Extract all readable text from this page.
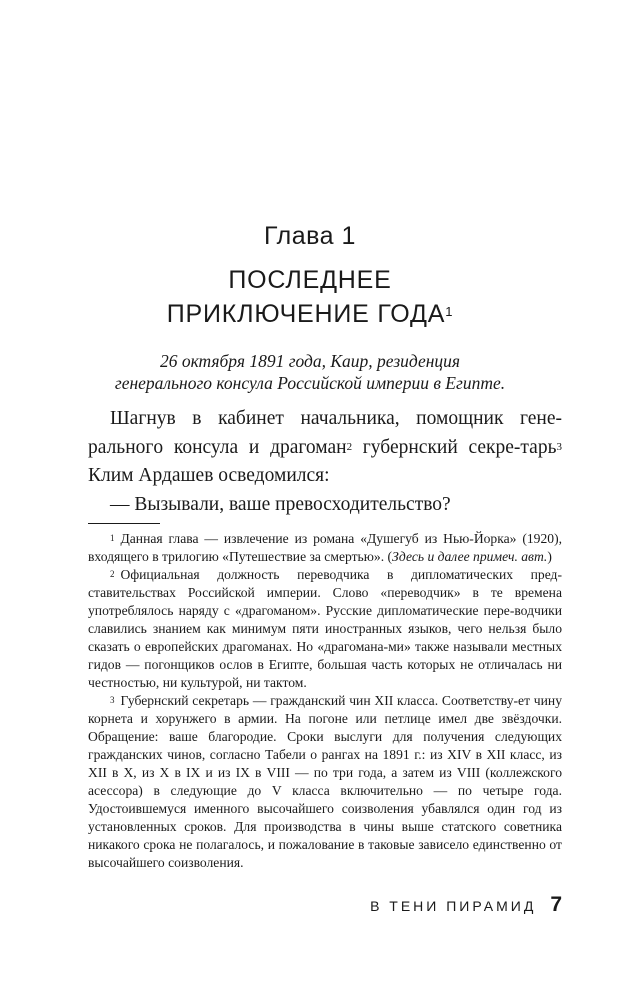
Глава 1
ПОСЛЕДНЕЕ
ПРИКЛЮЧЕНИЕ ГОДА$^1$
26 октября 1891 года, Каир, резиденция
генерального консула Российской империи в Египте.

Шагнув в кабинет начальника, помощник гене-ральногo консула и драгоман$^2$ губернский секре-тарь$^3$ Клим Ардашев осведомился:

— Вызывали, ваше превосходительство?

$^1$ Данная глава — извлечение из романа «Душегуб из Нью-Йорка» (1920), входящего в трилогию «Путешествие за смертью». (Здесь и далее примеч. авт.)

$^2$ Официальная должность переводчика в дипломатических пред-ставительствах Российской империи. Слово «переводчик» в те времена употреблялось наряду с «драгоманом». Русские дипломатические пере-водчики славились знанием как минимум пяти иностранных языков, чего нельзя было сказать о европейских драгоманах. Но «драгомана-ми» также называли местных гидов — погонщиков ослов в Египте, большая часть которых не отличалась ни честностью, ни культурой, ни тактом.

$^3$ Губернский секретарь — гражданский чин XII класса. Соответству-ет чину корнета и хорунжего в армии. На погоне или петлице имел две звёздочки. Обращение: ваше благородие. Сроки выслуги для получения следующих гражданских чинов, согласно Табели о рангах на 1891 г.: из XIV в XII класс, из XII в X, из X в IX и из IX в VIII — по три года, а затем из VIII (коллежского асессора) в следующие до V класса включительно — по четыре года. Удостоившемуся именного высочайшего соизволения убавлялся один год из установленных сроков. Для производства в чины выше статского советника никакого срока не полагалось, и пожалование в таковые зависело единственно от высочайшего соизволения.

В ТЕНИ ПИРАМИД 7
